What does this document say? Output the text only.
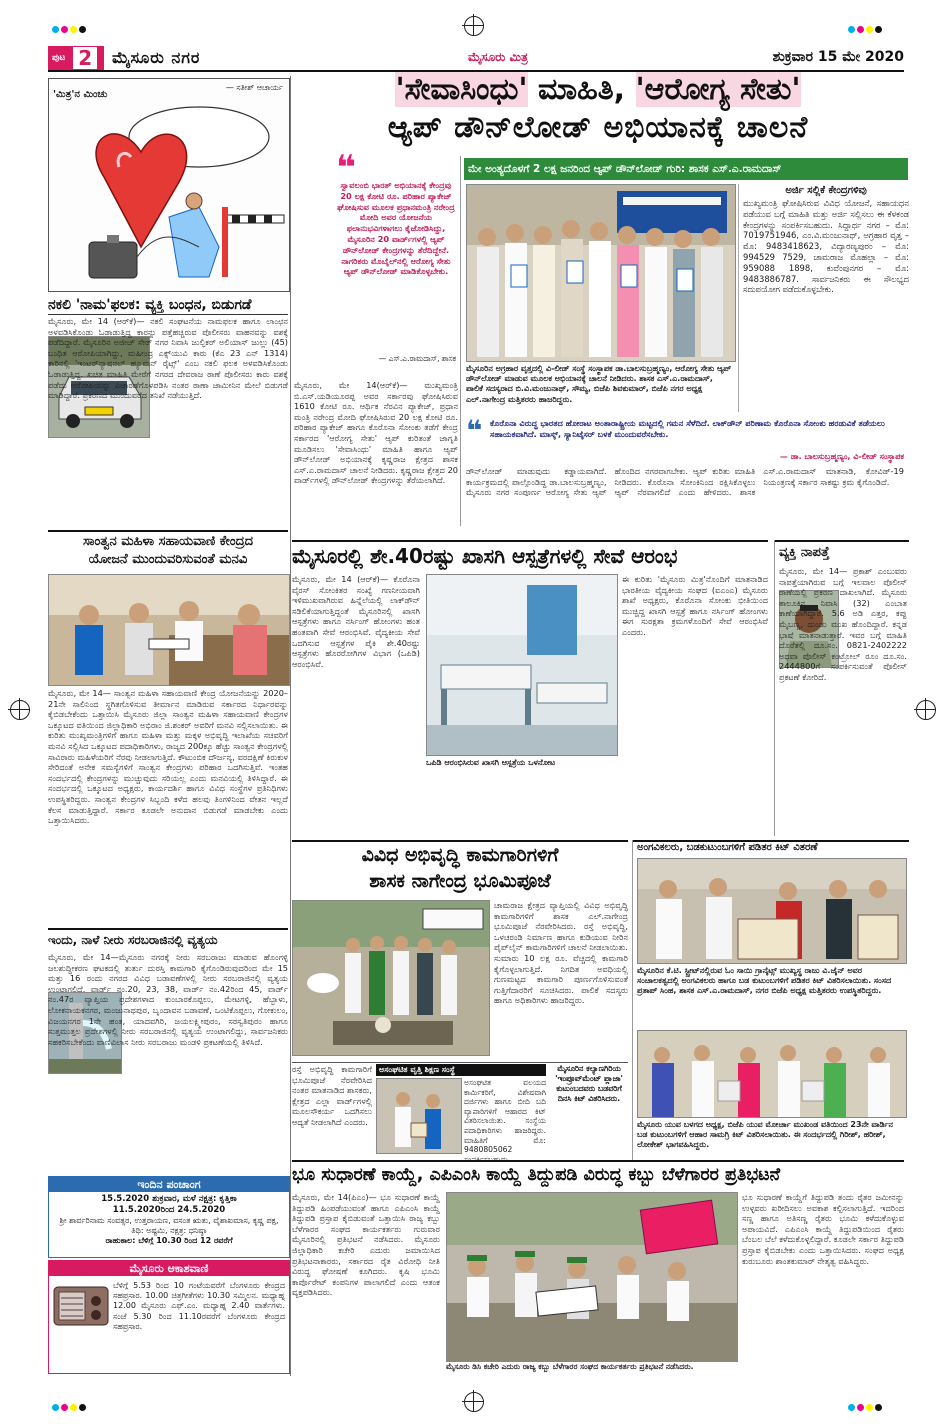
ಪುಟ 2	ಮೈಸೂರು ನಗರ	ಮೈಸೂರು ಮಿತ್ರ	ಶುಕ್ರವಾರ 15 ಮೇ 2020
'ಮಿತ್ರ'ನ ಮಿಂಚು
— ಸತೀಶ್ ಆಚಾರ್ಯ
ನಕಲಿ 'ನಾಮ'ಫಲಕ: ವ್ಯಕ್ತಿ ಬಂಧನ, ಬಿಡುಗಡೆ
ಮೈಸೂರು, ಮೇ 14 (ಆರ್‌ಕೆ)— ನಕಲಿ ಸಂಘಟನೆಯ ನಾಮಫಲಕ ಹಾಗೂ ಲಾಂಛನ ಅಳವಡಿಸಿಕೊಂಡು ಓಡಾಡುತ್ತಿದ್ದ ಕಾರನ್ನು ಪತ್ತೆಹಚ್ಚಿರುವ ಪೊಲೀಸರು ವಾಹನವನ್ನು ವಶಕ್ಕೆ ಪಡೆದಿದ್ದಾರೆ. ಮೈಸೂರಿನ ಅಜೀಜ್ ಸೇಠ್ ನಗರ ನಿವಾಸಿ ಜುಲ್ಫಿಕರ್ ಅಲಿಯಾಸ್ ಜುಲ್ಲು (45) ಬಂಧಿತ ಆರೋಪಿಯಾಗಿದ್ದು, ಮಹೀಂದ್ರ ಎಕ್ಸ್‌ಯುವಿ ಕಾರು (ಕೆಎ 23 ಎನ್ 1314) ಕಾರಿನಲ್ಲಿ 'ಇಂಟರ್‌ನ್ಯಾಷನಲ್ ಹ್ಯೂಮನ್ ರೈಟ್ಸ್' ಎಂಬ ನಕಲಿ ಫಲಕ ಅಳವಡಿಸಿಕೊಂಡು ಓಡಾಡುತ್ತಿದ್ದ. ಖಚಿತ ಮಾಹಿತಿ ಮೇರೆಗೆ ನಗರದ ದೇವರಾಜ ಠಾಣೆ ಪೊಲೀಸರು ಕಾರು ವಶಕ್ಕೆ ಪಡೆದು ಆರೋಪಿಯನ್ನು ವಿಚಾರಣೆಗೊಳಪಡಿಸಿ ನಂತರ ಠಾಣಾ ಜಾಮೀನಿನ ಮೇಲೆ ಬಿಡುಗಡೆ ಮಾಡಿದ್ದಾರೆ. ಪ್ರಕರಣದ ಮುಂದುವರೆದ ತನಿಖೆ ನಡೆಯುತ್ತಿದೆ.
ಸಾಂತ್ವನ ಮಹಿಳಾ ಸಹಾಯವಾಣಿ ಕೇಂದ್ರದ
ಯೋಜನೆ ಮುಂದುವರಿಸುವಂತೆ ಮನವಿ
ಮೈಸೂರು, ಮೇ 14— ಸಾಂತ್ವನ ಮಹಿಳಾ ಸಹಾಯವಾಣಿ ಕೇಂದ್ರ ಯೋಜನೆಯನ್ನು 2020–21ನೇ ಸಾಲಿನಿಂದ ಸ್ಥಗಿತಗೊಳಿಸುವ ತೀರ್ಮಾನ ಮಾಡಿರುವ ಸರ್ಕಾರದ ನಿರ್ಧಾರವನ್ನು ಕೈಬಿಡಬೇಕೆಂದು ಒತ್ತಾಯಿಸಿ ಮೈಸೂರು ಜಿಲ್ಲಾ ಸಾಂತ್ವನ ಮಹಿಳಾ ಸಹಾಯವಾಣಿ ಕೇಂದ್ರಗಳ ಒಕ್ಕೂಟದ ವತಿಯಿಂದ ಜಿಲ್ಲಾಧಿಕಾರಿ ಅಭಿರಾಂ ಜಿ.ಶಂಕರ್ ಅವರಿಗೆ ಮನವಿ ಸಲ್ಲಿಸಲಾಯಿತು. ಈ ಕುರಿತು ಮುಖ್ಯಮಂತ್ರಿಗಳಿಗೆ ಹಾಗೂ ಮಹಿಳಾ ಮತ್ತು ಮಕ್ಕಳ ಅಭಿವೃದ್ಧಿ ಇಲಾಖೆಯ ಸಚಿವರಿಗೆ ಮನವಿ ಸಲ್ಲಿಸಿದ ಒಕ್ಕೂಟದ ಪದಾಧಿಕಾರಿಗಳು, ರಾಜ್ಯದ 200ಕ್ಕೂ ಹೆಚ್ಚು ಸಾಂತ್ವನ ಕೇಂದ್ರಗಳಲ್ಲಿ ಸಾವಿರಾರು ಮಹಿಳೆಯರಿಗೆ ನೆರವು ನೀಡಲಾಗುತ್ತಿದೆ. ಕೌಟುಂಬಿಕ ದೌರ್ಜನ್ಯ, ವರದಕ್ಷಿಣೆ ಕಿರುಕುಳ ಸೇರಿದಂತೆ ಅನೇಕ ಸಮಸ್ಯೆಗಳಿಗೆ ಸಾಂತ್ವನ ಕೇಂದ್ರಗಳು ಪರಿಹಾರ ಒದಗಿಸುತ್ತಿವೆ. ಇಂತಹ ಸಂದರ್ಭದಲ್ಲಿ ಕೇಂದ್ರಗಳನ್ನು ಮುಚ್ಚುವುದು ಸರಿಯಲ್ಲ ಎಂದು ಮನವಿಯಲ್ಲಿ ತಿಳಿಸಿದ್ದಾರೆ. ಈ ಸಂದರ್ಭದಲ್ಲಿ ಒಕ್ಕೂಟದ ಅಧ್ಯಕ್ಷರು, ಕಾರ್ಯದರ್ಶಿ ಹಾಗೂ ವಿವಿಧ ಸಂಸ್ಥೆಗಳ ಪ್ರತಿನಿಧಿಗಳು ಉಪಸ್ಥಿತರಿದ್ದರು. ಸಾಂತ್ವನ ಕೇಂದ್ರಗಳ ಸಿಬ್ಬಂದಿ ಕಳೆದ ಹಲವು ತಿಂಗಳಿನಿಂದ ವೇತನ ಇಲ್ಲದೆ ಕೆಲಸ ಮಾಡುತ್ತಿದ್ದಾರೆ. ಸರ್ಕಾರ ಕೂಡಲೇ ಅನುದಾನ ಬಿಡುಗಡೆ ಮಾಡಬೇಕು ಎಂದು ಒತ್ತಾಯಿಸಿದರು.
ಇಂದು, ನಾಳೆ ನೀರು ಸರಬರಾಜಿನಲ್ಲಿ ವ್ಯತ್ಯಯ
ಮೈಸೂರು, ಮೇ 14—ಮೈಸೂರು ನಗರಕ್ಕೆ ನೀರು ಸರಬರಾಜು ಮಾಡುವ ಹೊಂಗಳ್ಳಿ ಜಲಶುದ್ಧೀಕರಣ ಘಟಕದಲ್ಲಿ ತುರ್ತು ದುರಸ್ತಿ ಕಾಮಗಾರಿ ಕೈಗೊಂಡಿರುವುದರಿಂದ ಮೇ 15 ಮತ್ತು 16 ರಂದು ನಗರದ ವಿವಿಧ ಬಡಾವಣೆಗಳಲ್ಲಿ ನೀರು ಸರಬರಾಜಿನಲ್ಲಿ ವ್ಯತ್ಯಯ ಉಂಟಾಗಲಿದೆ. ವಾರ್ಡ್ ನಂ.20, 23, 38, ವಾರ್ಡ್ ನಂ.42ರಿಂದ 45, ವಾರ್ಡ್ ನಂ.47ರ ವ್ಯಾಪ್ತಿಯ ಪ್ರದೇಶಗಳಾದ ಕುಂಬಾರಕೊಪ್ಪಲು, ಮೇಟಗಳ್ಳಿ, ಹೆಬ್ಬಾಳು, ಲೋಕನಾಯಕನಗರ, ಮಂಜುನಾಥಪುರ, ಬೃಂದಾವನ ಬಡಾವಣೆ, ಒಂಟಿಕೊಪ್ಪಲು, ಗೋಕುಲಂ, ವಿಜಯನಗರ 1ನೇ ಹಂತ, ಯಾದವಗಿರಿ, ಜಯಲಕ್ಷ್ಮೀಪುರಂ, ಸರಸ್ವತಿಪುರಂ ಹಾಗೂ ಸುತ್ತಮುತ್ತಲ ಪ್ರದೇಶಗಳಲ್ಲಿ ನೀರು ಸರಬರಾಜಿನಲ್ಲಿ ವ್ಯತ್ಯಯ ಉಂಟಾಗಲಿದ್ದು, ಸಾರ್ವಜನಿಕರು ಸಹಕರಿಸಬೇಕೆಂದು ವಾಣಿವಿಲಾಸ ನೀರು ಸರಬರಾಜು ಮಂಡಳಿ ಪ್ರಕಟಣೆಯಲ್ಲಿ ತಿಳಿಸಿದೆ.
ಇಂದಿನ ಪಂಚಾಂಗ
15.5.2020 ಶುಕ್ರವಾರ, ಮಳೆ ನಕ್ಷತ್ರ: ಕೃತ್ತಿಕಾ
11.5.2020ರಿಂದ 24.5.2020
ಶ್ರೀ ಶಾರ್ವರಿನಾಮ ಸಂವತ್ಸರ, ಉತ್ತರಾಯಣ, ವಸಂತ ಋತು, ವೈಶಾಖಮಾಸ, ಕೃಷ್ಣ ಪಕ್ಷ, ತಿಥಿ: ಅಷ್ಟಮಿ, ನಕ್ಷತ್ರ: ಧನಿಷ್ಠಾ
ರಾಹುಕಾಲ: ಬೆಳಿಗ್ಗೆ 10.30 ರಿಂದ 12 ರವರೆಗೆ
ಮೈಸೂರು ಆಕಾಶವಾಣಿ
ಬೆಳಿಗ್ಗೆ 5.53 ರಿಂದ 10 ಗಂಟೆಯವರೆಗೆ ಬೆಂಗಳೂರು ಕೇಂದ್ರದ ಸಹಪ್ರಸಾರ. 10.00 ಚಿತ್ರಗೀತೆಗಳು 10.30 ಸಮ್ಮಿಲನ. ಮಧ್ಯಾಹ್ನ 12.00 ಮೈಸೂರು ಎಫ್.ಎಂ. ಮಧ್ಯಾಹ್ನ 2.40 ವಾರ್ತೆಗಳು. ಸಂಜೆ 5.30 ರಿಂದ 11.10ರವರೆಗೆ ಬೆಂಗಳೂರು ಕೇಂದ್ರದ ಸಹಪ್ರಸಾರ.
'ಸೇವಾಸಿಂಧು' ಮಾಹಿತಿ, 'ಆರೋಗ್ಯ ಸೇತು'
ಆ್ಯಪ್ ಡೌನ್‌ಲೋಡ್ ಅಭಿಯಾನಕ್ಕೆ ಚಾಲನೆ
❝
ಸ್ವಾವಲಂಬಿ ಭಾರತ್ ಅಭಿಯಾನಕ್ಕೆ ಕೇಂದ್ರವು 20 ಲಕ್ಷ ಕೋಟಿ ರೂ. ಪರಿಹಾರ ಪ್ಯಾಕೇಜ್ ಘೋಷಿಸುವ ಮೂಲಕ ಪ್ರಧಾನಮಂತ್ರಿ ನರೇಂದ್ರ ಮೋದಿ ಅವರ ಯೋಜನೆಯ ಫಲಾನುಭವಿಗಳಾಗಲು ಕೈಜೋಡಿಸಿದ್ದು, ಮೈಸೂರಿನ 20 ವಾರ್ಡ್‌ಗಳಲ್ಲಿ ಆ್ಯಪ್ ಡೌನ್‌ಲೋಡ್ ಕೇಂದ್ರಗಳನ್ನು ತೆರೆದಿದ್ದೇನೆ. ನಾಗರಿಕರು ಮೊಬೈಲ್‌ನಲ್ಲಿ ಆರೋಗ್ಯ ಸೇತು ಆ್ಯಪ್ ಡೌನ್‌ಲೋಡ್ ಮಾಡಿಕೊಳ್ಳಬೇಕು.
— ಎಸ್.ಎ.ರಾಮದಾಸ್, ಶಾಸಕ
ಮೇ ಅಂತ್ಯದೊಳಗೆ 2 ಲಕ್ಷ ಜನರಿಂದ ಆ್ಯಪ್ ಡೌನ್‌ಲೋಡ್ ಗುರಿ: ಶಾಸಕ ಎಸ್.ಎ.ರಾಮದಾಸ್
ಅರ್ಜಿ ಸಲ್ಲಿಕೆ ಕೇಂದ್ರಗಳಿವು
ಮುಖ್ಯಮಂತ್ರಿ ಘೋಷಿಸಿರುವ ವಿವಿಧ ಯೋಜನೆ, ಸಹಾಯಧನ ಪಡೆಯುವ ಬಗ್ಗೆ ಮಾಹಿತಿ ಮತ್ತು ಅರ್ಜಿ ಸಲ್ಲಿಸಲು ಈ ಕೆಳಕಂಡ ಕೇಂದ್ರಗಳನ್ನು ಸಂಪರ್ಕಿಸಬಹುದು. ಸಿದ್ದಾರ್ಥ ನಗರ – ಮೊ: 7019751946, ಎಂ.ವಿ.ಮಂಜುನಾಥ್, ಅಗ್ರಹಾರ ವೃತ್ತ – ಮೊ: 9483418623, ವಿದ್ಯಾರಣ್ಯಪುರಂ – ಮೊ: 994529 7529, ಚಾಮರಾಜ ಮೊಹಲ್ಲಾ – ಮೊ: 959088 1898, ಕುವೆಂಪುನಗರ – ಮೊ: 9483886787. ಸಾರ್ವಜನಿಕರು ಈ ಸೌಲಭ್ಯದ ಸದುಪಯೋಗ ಪಡೆದುಕೊಳ್ಳಬೇಕು.
ಮೈಸೂರು, ಮೇ 14(ಆರ್‌ಕೆ)— ಮುಖ್ಯಮಂತ್ರಿ ಬಿ.ಎಸ್.ಯಡಿಯೂರಪ್ಪ ಅವರ ಸರ್ಕಾರವು ಘೋಷಿಸಿರುವ 1610 ಕೋಟಿ ರೂ. ಆರ್ಥಿಕ ನೆರವಿನ ಪ್ಯಾಕೇಜ್, ಪ್ರಧಾನ ಮಂತ್ರಿ ನರೇಂದ್ರ ಮೋದಿ ಘೋಷಿಸಿರುವ 20 ಲಕ್ಷ ಕೋಟಿ ರೂ. ಪರಿಹಾರ ಪ್ಯಾಕೇಜ್ ಹಾಗೂ ಕೊರೊನಾ ಸೋಂಕು ತಡೆಗೆ ಕೇಂದ್ರ ಸರ್ಕಾರದ 'ಆರೋಗ್ಯ ಸೇತು' ಆ್ಯಪ್ ಕುರಿತಂತೆ ಜಾಗೃತಿ ಮೂಡಿಸಲು 'ಸೇವಾಸಿಂಧು' ಮಾಹಿತಿ ಹಾಗೂ ಆ್ಯಪ್ ಡೌನ್‌ಲೋಡ್ ಅಭಿಯಾನಕ್ಕೆ ಕೃಷ್ಣರಾಜ ಕ್ಷೇತ್ರದ ಶಾಸಕ ಎಸ್.ಎ.ರಾಮದಾಸ್ ಚಾಲನೆ ನೀಡಿದರು. ಕೃಷ್ಣರಾಜ ಕ್ಷೇತ್ರದ 20 ವಾರ್ಡ್‌ಗಳಲ್ಲಿ ಡೌನ್‌ಲೋಡ್ ಕೇಂದ್ರಗಳನ್ನು ತೆರೆಯಲಾಗಿದೆ.
ಮೈಸೂರಿನ ಅಗ್ರಹಾರ ವೃತ್ತದಲ್ಲಿ ವಿ-ಲೀಡ್ ಸಂಸ್ಥೆ ಸಂಸ್ಥಾಪಕ ಡಾ.ಬಾಲಸುಬ್ರಹ್ಮಣ್ಯಂ, ಆರೋಗ್ಯ ಸೇತು ಆ್ಯಪ್ ಡೌನ್‌ಲೋಡ್ ಮಾಡುವ ಮೂಲಕ ಅಭಿಯಾನಕ್ಕೆ ಚಾಲನೆ ನೀಡಿದರು. ಶಾಸಕ ಎಸ್.ಎ.ರಾಮದಾಸ್, ಪಾಲಿಕೆ ಸದಸ್ಯರಾದ ಬಿ.ವಿ.ಮಂಜುನಾಥ್, ಸೌಮ್ಯ, ಬಿಜೆಪಿ ಶಿವಕುಮಾರ್, ಬಿಜೆಪಿ ನಗರ ಅಧ್ಯಕ್ಷ ಎಲ್.ನಾಗೇಂದ್ರ ಮತ್ತಿತರರು ಹಾಜರಿದ್ದರು.
❝ ಕೊರೊನಾ ವಿರುದ್ಧ ಭಾರತದ ಹೋರಾಟ ಅಂತಾರಾಷ್ಟ್ರೀಯ ಮಟ್ಟದಲ್ಲಿ ಗಮನ ಸೆಳೆದಿದೆ. ಲಾಕ್‌ಡೌನ್ ಪರಿಣಾಮ ಕೊರೊನಾ ಸೋಂಕು ಹರಡುವಿಕೆ ತಡೆಯಲು ಸಹಾಯಕವಾಗಿದೆ. ಮಾಸ್ಕ್, ಸ್ಯಾನಿಟೈಸರ್ ಬಳಕೆ ಮುಂದುವರೆಸಬೇಕು.
— ಡಾ. ಬಾಲಸುಬ್ರಹ್ಮಣ್ಯಂ, ವಿ-ಲೀಡ್ ಸಂಸ್ಥಾಪಕ
ಡೌನ್‌ಲೋಡ್ ಮಾಡುವುದು ಕಡ್ಡಾಯವಾಗಿದೆ. ಕಾರ್ಯಕ್ರಮದಲ್ಲಿ ಪಾಲ್ಗೊಂಡಿದ್ದ ಡಾ.ಬಾಲಸುಬ್ರಹ್ಮಣ್ಯಂ, ಮೈಸೂರು ನಗರ ಸಂಪೂರ್ಣ ಆರೋಗ್ಯ ಸೇತು ಆ್ಯಪ್ ಹೊಂದಿದ ನಗರವಾಗಬೇಕು. ಆ್ಯಪ್ ಕುರಿತು ಮಾಹಿತಿ ನೀಡಿದರು. ಕೊರೊನಾ ಸೋಂಕಿನಿಂದ ರಕ್ಷಿಸಿಕೊಳ್ಳಲು ಆ್ಯಪ್ ನೆರವಾಗಲಿದೆ ಎಂದು ಹೇಳಿದರು. ಶಾಸಕ ಎಸ್.ಎ.ರಾಮದಾಸ್ ಮಾತನಾಡಿ, ಕೋವಿಡ್-19 ನಿಯಂತ್ರಣಕ್ಕೆ ಸರ್ಕಾರ ಸಾಕಷ್ಟು ಕ್ರಮ ಕೈಗೊಂಡಿದೆ.
ಮೈಸೂರಲ್ಲಿ ಶೇ.40ರಷ್ಟು ಖಾಸಗಿ ಆಸ್ಪತ್ರೆಗಳಲ್ಲಿ ಸೇವೆ ಆರಂಭ
ಮೈಸೂರು, ಮೇ 14 (ಆರ್‌ಕೆ)— ಕೊರೊನಾ ವೈರಸ್ ಸೋಂಕಿತರ ಸಂಖ್ಯೆ ಗಣನೀಯವಾಗಿ ಇಳಿಮುಖವಾಗಿರುವ ಹಿನ್ನೆಲೆಯಲ್ಲಿ ಲಾಕ್‌ಡೌನ್ ಸಡಿಲಿಕೆಯಾಗುತ್ತಿದ್ದಂತೆ ಮೈಸೂರಿನಲ್ಲಿ ಖಾಸಗಿ ಆಸ್ಪತ್ರೆಗಳು ಹಾಗೂ ನರ್ಸಿಂಗ್ ಹೋಂಗಳು ಹಂತ ಹಂತವಾಗಿ ಸೇವೆ ಆರಂಭಿಸಿವೆ. ವೈದ್ಯಕೀಯ ಸೇವೆ ಒದಗಿಸುವ ಆಸ್ಪತ್ರೆಗಳ ಪೈಕಿ ಶೇ.40ರಷ್ಟು ಆಸ್ಪತ್ರೆಗಳು ಹೊರರೋಗಿಗಳ ವಿಭಾಗ (ಒಪಿಡಿ) ಆರಂಭಿಸಿವೆ.
ಒಪಿಡಿ ಆರಂಭಿಸಿರುವ ಖಾಸಗಿ ಆಸ್ಪತ್ರೆಯ ಒಳನೋಟ
ಈ ಕುರಿತು 'ಮೈಸೂರು ಮಿತ್ರ'ನೊಂದಿಗೆ ಮಾತನಾಡಿದ ಭಾರತೀಯ ವೈದ್ಯಕೀಯ ಸಂಘದ (ಐಎಂಎ) ಮೈಸೂರು ಶಾಖೆ ಅಧ್ಯಕ್ಷರು, ಕೊರೊನಾ ಸೋಂಕು ಭೀತಿಯಿಂದ ಮುಚ್ಚಿದ್ದ ಖಾಸಗಿ ಆಸ್ಪತ್ರೆ ಹಾಗೂ ನರ್ಸಿಂಗ್ ಹೋಂಗಳು ಈಗ ಸುರಕ್ಷತಾ ಕ್ರಮಗಳೊಂದಿಗೆ ಸೇವೆ ಆರಂಭಿಸಿವೆ ಎಂದರು.
ವ್ಯಕ್ತಿ ನಾಪತ್ತೆ
ಮೈಸೂರು, ಮೇ 14— ಪ್ರಕಾಶ್ ಎಂಬುವರು ನಾಪತ್ತೆಯಾಗಿರುವ ಬಗ್ಗೆ ಇಲವಾಲ ಪೊಲೀಸ್ ಠಾಣೆಯಲ್ಲಿ ಪ್ರಕರಣ ದಾಖಲಾಗಿದೆ. ಮೈಸೂರು ತಾಲೂಕಿನ ನಿವಾಸಿ (32) ಎಂಬಾತ ಕಾಣೆಯಾಗಿದ್ದಾರೆ. 5.6 ಅಡಿ ಎತ್ತರ, ಕಪ್ಪು ಮೈಬಣ್ಣ, ದುಂಡು ಮುಖ ಹೊಂದಿದ್ದಾರೆ. ಕನ್ನಡ ಭಾಷೆ ಮಾತನಾಡುತ್ತಾರೆ. ಇವರ ಬಗ್ಗೆ ಮಾಹಿತಿ ದೊರೆತಲ್ಲಿ ದೂ.ಸಂ. 0821-2402222 ಅಥವಾ ಪೊಲೀಸ್ ಕಂಟ್ರೋಲ್ ರೂಂ ದೂ.ಸಂ. 2444800ಗೆ ಸಂಪರ್ಕಿಸುವಂತೆ ಪೊಲೀಸ್ ಪ್ರಕಟಣೆ ಕೋರಿದೆ.
ವಿವಿಧ ಅಭಿವೃದ್ಧಿ ಕಾಮಗಾರಿಗಳಿಗೆ
ಶಾಸಕ ನಾಗೇಂದ್ರ ಭೂಮಿಪೂಜೆ
ಚಾಮರಾಜ ಕ್ಷೇತ್ರದ ವ್ಯಾಪ್ತಿಯಲ್ಲಿ ವಿವಿಧ ಅಭಿವೃದ್ಧಿ ಕಾಮಗಾರಿಗಳಿಗೆ ಶಾಸಕ ಎಲ್.ನಾಗೇಂದ್ರ ಭೂಮಿಪೂಜೆ ನೆರವೇರಿಸಿದರು. ರಸ್ತೆ ಅಭಿವೃದ್ಧಿ, ಒಳಚರಂಡಿ ನಿರ್ಮಾಣ ಹಾಗೂ ಕುಡಿಯುವ ನೀರಿನ ಪೈಪ್‌ಲೈನ್ ಕಾಮಗಾರಿಗಳಿಗೆ ಚಾಲನೆ ನೀಡಲಾಯಿತು. ಸುಮಾರು 10 ಲಕ್ಷ ರೂ. ವೆಚ್ಚದಲ್ಲಿ ಕಾಮಗಾರಿ ಕೈಗೊಳ್ಳಲಾಗುತ್ತಿದೆ. ನಿಗದಿತ ಅವಧಿಯಲ್ಲಿ ಗುಣಮಟ್ಟದ ಕಾಮಗಾರಿ ಪೂರ್ಣಗೊಳಿಸುವಂತೆ ಗುತ್ತಿಗೆದಾರರಿಗೆ ಸೂಚಿಸಿದರು. ಪಾಲಿಕೆ ಸದಸ್ಯರು ಹಾಗೂ ಅಧಿಕಾರಿಗಳು ಹಾಜರಿದ್ದರು.
ಅಂಗವಿಕಲರು, ಬಡಕುಟುಂಬಗಳಿಗೆ ಪಡಿತರ ಕಿಟ್ ವಿತರಣೆ
ಮೈಸೂರಿನ ಕೆ.ಟಿ. ಸ್ಟ್ರೀಟ್‌ನಲ್ಲಿರುವ ಓಂ ಸಾಯಿ ಗ್ರಾನೈಟ್ಸ್ ಮುಖ್ಯಸ್ಥ ರಾಜು ವಿ.ಜೈನ್ ಅವರ ಸಂಚಾಲಕತ್ವದಲ್ಲಿ ಅಂಗವಿಕಲರು ಹಾಗೂ ಬಡ ಕುಟುಂಬಗಳಿಗೆ ಪಡಿತರ ಕಿಟ್ ವಿತರಿಸಲಾಯಿತು. ಸಂಸದ ಪ್ರತಾಪ್ ಸಿಂಹ, ಶಾಸಕ ಎಸ್.ಎ.ರಾಮದಾಸ್, ನಗರ ಬಿಜೆಪಿ ಅಧ್ಯಕ್ಷ ಮತ್ತಿತರರು ಉಪಸ್ಥಿತರಿದ್ದರು.
ಮೈಸೂರು ಯುವ ಬಳಗದ ಅಧ್ಯಕ್ಷ, ಬಿಜೆಪಿ ಯುವ ಮೋರ್ಚಾ ಮುಖಂಡ ವತಿಯಿಂದ 23ನೇ ವಾರ್ಡಿನ ಬಡ ಕುಟುಂಬಗಳಿಗೆ ಆಹಾರ ಸಾಮಗ್ರಿ ಕಿಟ್ ವಿತರಿಸಲಾಯಿತು. ಈ ಸಂದರ್ಭದಲ್ಲಿ ಗಿರೀಶ್, ಹರೀಶ್, ಲೋಕೇಶ್ ಭಾಗವಹಿಸಿದ್ದರು.
ರಸ್ತೆ ಅಭಿವೃದ್ಧಿ ಕಾಮಗಾರಿಗೆ ಭೂಮಿಪೂಜೆ ನೆರವೇರಿಸಿದ ನಂತರ ಮಾತನಾಡಿದ ಶಾಸಕರು, ಕ್ಷೇತ್ರದ ಎಲ್ಲಾ ವಾರ್ಡ್‌ಗಳಲ್ಲಿ ಮೂಲಸೌಕರ್ಯ ಒದಗಿಸಲು ಆದ್ಯತೆ ನೀಡಲಾಗಿದೆ ಎಂದರು.
ಅಸಂಘಟಿತ ವೃತ್ತಿ ಶಿಕ್ಷಣ ಸಂಸ್ಥೆ
ಅಸಂಘಟಿತ ವಲಯದ ಕಾರ್ಮಿಕರಿಗೆ, ವಿಶೇಷವಾಗಿ ದರ್ಜಿಗಳು ಹಾಗೂ ಬೀದಿ ಬದಿ ವ್ಯಾಪಾರಿಗಳಿಗೆ ಆಹಾರದ ಕಿಟ್ ವಿತರಿಸಲಾಯಿತು. ಸಂಸ್ಥೆಯ ಪದಾಧಿಕಾರಿಗಳು ಹಾಜರಿದ್ದರು. ಮಾಹಿತಿಗೆ ಮೊ: 9480805062 ಸಂಪರ್ಕಿಸಬಹುದು.
ಮೈಸೂರಿನ ಕಲ್ಯಾಣಗಿರಿಯ 'ಇಂಪ್ರೂವ್‌ಮೆಂಟ್ ಪ್ಲಾಜಾ' ಕುಟುಂಬದವರು ಬಡವರಿಗೆ ದಿನಸಿ ಕಿಟ್ ವಿತರಿಸಿದರು.
ಭೂ ಸುಧಾರಣೆ ಕಾಯ್ದೆ, ಎಪಿಎಂಸಿ ಕಾಯ್ದೆ ತಿದ್ದುಪಡಿ ವಿರುದ್ಧ ಕಬ್ಬು ಬೆಳೆಗಾರರ ಪ್ರತಿಭಟನೆ
ಮೈಸೂರು, ಮೇ 14(ಪಿಎಂ)— ಭೂ ಸುಧಾರಣೆ ಕಾಯ್ದೆ ತಿದ್ದುಪಡಿ ಹಿಂಪಡೆಯುವಂತೆ ಹಾಗೂ ಎಪಿಎಂಸಿ ಕಾಯ್ದೆ ತಿದ್ದುಪಡಿ ಪ್ರಸ್ತಾಪ ಕೈಬಿಡುವಂತೆ ಒತ್ತಾಯಿಸಿ ರಾಜ್ಯ ಕಬ್ಬು ಬೆಳೆಗಾರರ ಸಂಘದ ಕಾರ್ಯಕರ್ತರು ಗುರುವಾರ ಮೈಸೂರಿನಲ್ಲಿ ಪ್ರತಿಭಟನೆ ನಡೆಸಿದರು. ಮೈಸೂರು ಜಿಲ್ಲಾಧಿಕಾರಿ ಕಚೇರಿ ಎದುರು ಜಮಾಯಿಸಿದ ಪ್ರತಿಭಟನಾಕಾರರು, ಸರ್ಕಾರದ ರೈತ ವಿರೋಧಿ ನೀತಿ ವಿರುದ್ಧ ಘೋಷಣೆ ಕೂಗಿದರು. ಕೃಷಿ ಭೂಮಿ ಕಾರ್ಪೊರೇಟ್ ಕಂಪನಿಗಳ ಪಾಲಾಗಲಿದೆ ಎಂದು ಆತಂಕ ವ್ಯಕ್ತಪಡಿಸಿದರು.
ಮೈಸೂರು ಡಿಸಿ ಕಚೇರಿ ಎದುರು ರಾಜ್ಯ ಕಬ್ಬು ಬೆಳೆಗಾರರ ಸಂಘದ ಕಾರ್ಯಕರ್ತರು ಪ್ರತಿಭಟನೆ ನಡೆಸಿದರು.
ಭೂ ಸುಧಾರಣೆ ಕಾಯ್ದೆಗೆ ತಿದ್ದುಪಡಿ ತಂದು ರೈತರ ಜಮೀನನ್ನು ಉಳ್ಳವರು ಖರೀದಿಸಲು ಅವಕಾಶ ಕಲ್ಪಿಸಲಾಗುತ್ತಿದೆ. ಇದರಿಂದ ಸಣ್ಣ ಹಾಗೂ ಅತಿಸಣ್ಣ ರೈತರು ಭೂಮಿ ಕಳೆದುಕೊಳ್ಳುವ ಅಪಾಯವಿದೆ. ಎಪಿಎಂಸಿ ಕಾಯ್ದೆ ತಿದ್ದುಪಡಿಯಿಂದ ರೈತರು ಬೆಂಬಲ ಬೆಲೆ ಕಳೆದುಕೊಳ್ಳಲಿದ್ದಾರೆ. ಕೂಡಲೇ ಸರ್ಕಾರ ತಿದ್ದುಪಡಿ ಪ್ರಸ್ತಾಪ ಕೈಬಿಡಬೇಕು ಎಂದು ಒತ್ತಾಯಿಸಿದರು. ಸಂಘದ ಅಧ್ಯಕ್ಷ ಕುರುಬೂರು ಶಾಂತಕುಮಾರ್ ನೇತೃತ್ವ ವಹಿಸಿದ್ದರು.
